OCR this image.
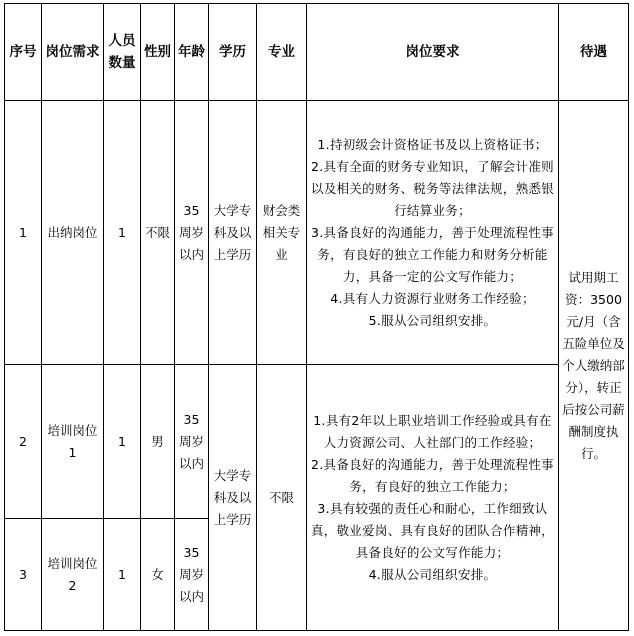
序号	岗位需求	人员数量	性别	年龄	学历	专业	岗位要求	待遇
1	出纳岗位	1	不限	35周岁以内	大学专科及以上学历	财会类相关专业	1.持初级会计资格证书及以上资格证书；
2.具有全面的财务专业知识，了解会计准则以及相关的财务、税务等法律法规，熟悉银行结算业务；
3.具备良好的沟通能力，善于处理流程性事务，有良好的独立工作能力和财务分析能力，具备一定的公文写作能力；
4.具有人力资源行业财务工作经验；
5.服从公司组织安排。	试用期工资：3500元/月（含五险单位及个人缴纳部分），转正后按公司薪酬制度执行。
2	培训岗位1	1	男	35周岁以内	大学专科及以上学历	不限	1.具有2年以上职业培训工作经验或具有在人力资源公司、人社部门的工作经验；
2.具备良好的沟通能力，善于处理流程性事务，有良好的独立工作能力；
3.具有较强的责任心和耐心，工作细致认真，敬业爱岗、具有良好的团队合作精神，具备良好的公文写作能力；
4.服从公司组织安排。	

3	培训岗位2	1	女	35周岁以内				
